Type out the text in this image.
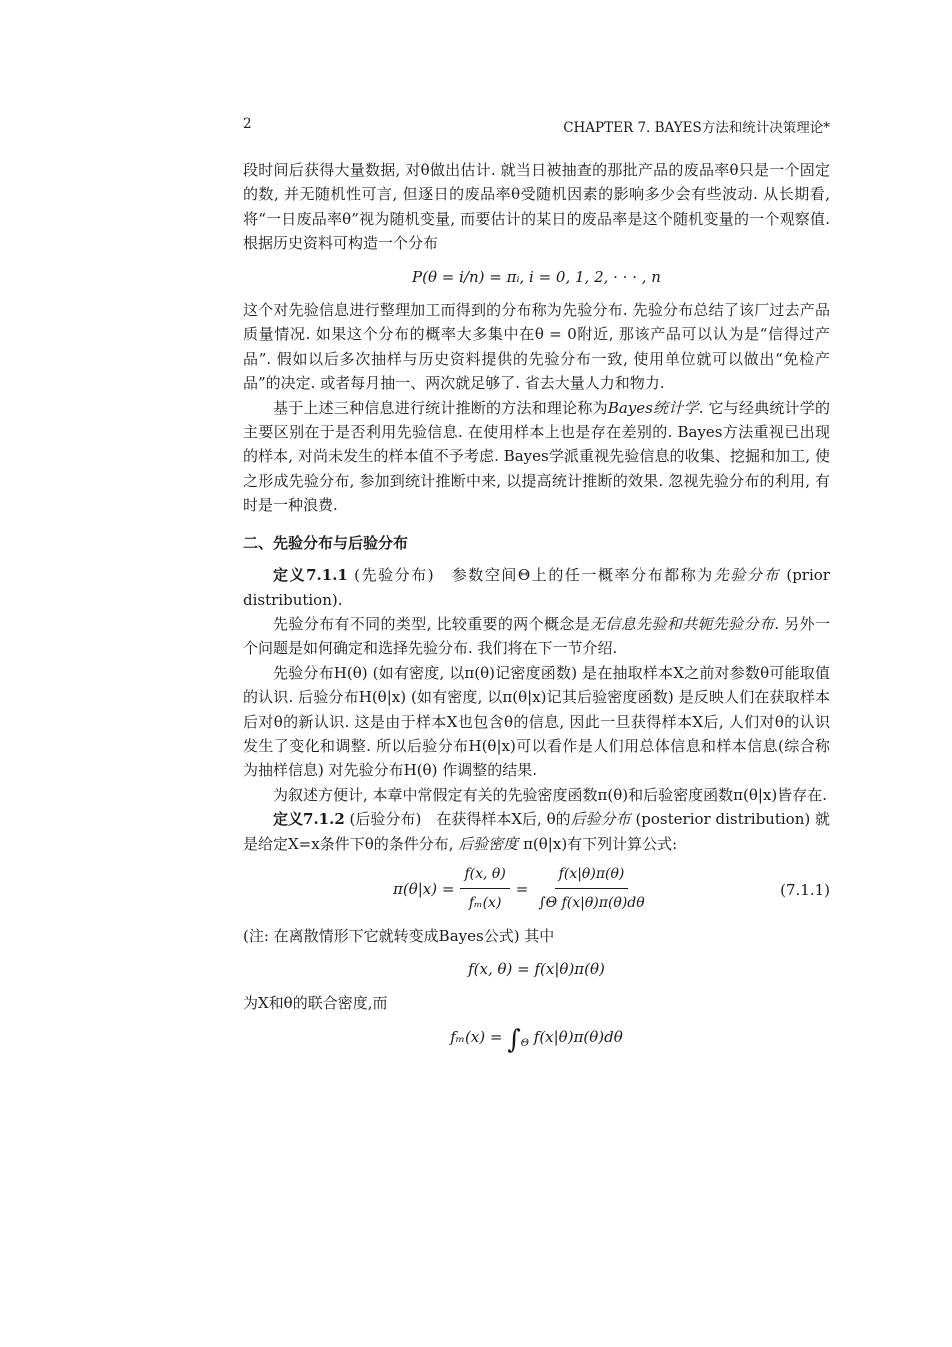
2	CHAPTER 7. BAYES方法和统计决策理论*

段时间后获得大量数据, 对θ做出估计. 就当日被抽查的那批产品的废品率θ只是一个固定的数, 并无随机性可言, 但逐日的废品率θ受随机因素的影响多少会有些波动. 从长期看, 将“一日废品率θ”视为随机变量, 而要估计的某日的废品率是这个随机变量的一个观察值. 根据历史资料可构造一个分布

P(θ = i/n) = πᵢ, i = 0, 1, 2, · · · , n

这个对先验信息进行整理加工而得到的分布称为先验分布. 先验分布总结了该厂过去产品质量情况. 如果这个分布的概率大多集中在θ = 0附近, 那该产品可以认为是“信得过产品”. 假如以后多次抽样与历史资料提供的先验分布一致, 使用单位就可以做出“免检产品”的决定. 或者每月抽一、两次就足够了. 省去大量人力和物力.

基于上述三种信息进行统计推断的方法和理论称为Bayes统计学. 它与经典统计学的主要区别在于是否利用先验信息. 在使用样本上也是存在差别的. Bayes方法重视已出现的样本, 对尚未发生的样本值不予考虑. Bayes学派重视先验信息的收集、挖掘和加工, 使之形成先验分布, 参加到统计推断中来, 以提高统计推断的效果. 忽视先验分布的利用, 有时是一种浪费.

二、先验分布与后验分布

定义7.1.1 (先验分布)　参数空间Θ上的任一概率分布都称为先验分布 (prior distribution).

先验分布有不同的类型, 比较重要的两个概念是无信息先验和共轭先验分布. 另外一个问题是如何确定和选择先验分布. 我们将在下一节介绍.

先验分布H(θ) (如有密度, 以π(θ)记密度函数) 是在抽取样本X之前对参数θ可能取值的认识. 后验分布H(θ|x) (如有密度, 以π(θ|x)记其后验密度函数) 是反映人们在获取样本后对θ的新认识. 这是由于样本X也包含θ的信息, 因此一旦获得样本X后, 人们对θ的认识发生了变化和调整. 所以后验分布H(θ|x)可以看作是人们用总体信息和样本信息(综合称为抽样信息) 对先验分布H(θ) 作调整的结果.

为叙述方便计, 本章中常假定有关的先验密度函数π(θ)和后验密度函数π(θ|x)皆存在.

定义7.1.2 (后验分布)　在获得样本X后, θ的后验分布 (posterior distribution) 就是给定X=x条件下θ的条件分布, 后验密度 π(θ|x)有下列计算公式:

$\pi(\theta|x) = \frac{f(x, \theta)}{\text{fₘ(x)}} = \frac{f(x|\theta)\pi(\theta)}{\text{∫Θ f(x|θ)π(θ)dθ}}$	(7.1.1)

(注: 在离散情形下它就转变成Bayes公式) 其中

f(x, θ) = f(x|θ)π(θ)

为X和θ的联合密度,而

$f_m(x) = \int_\Theta$ f(x|θ)π(θ)dθ
